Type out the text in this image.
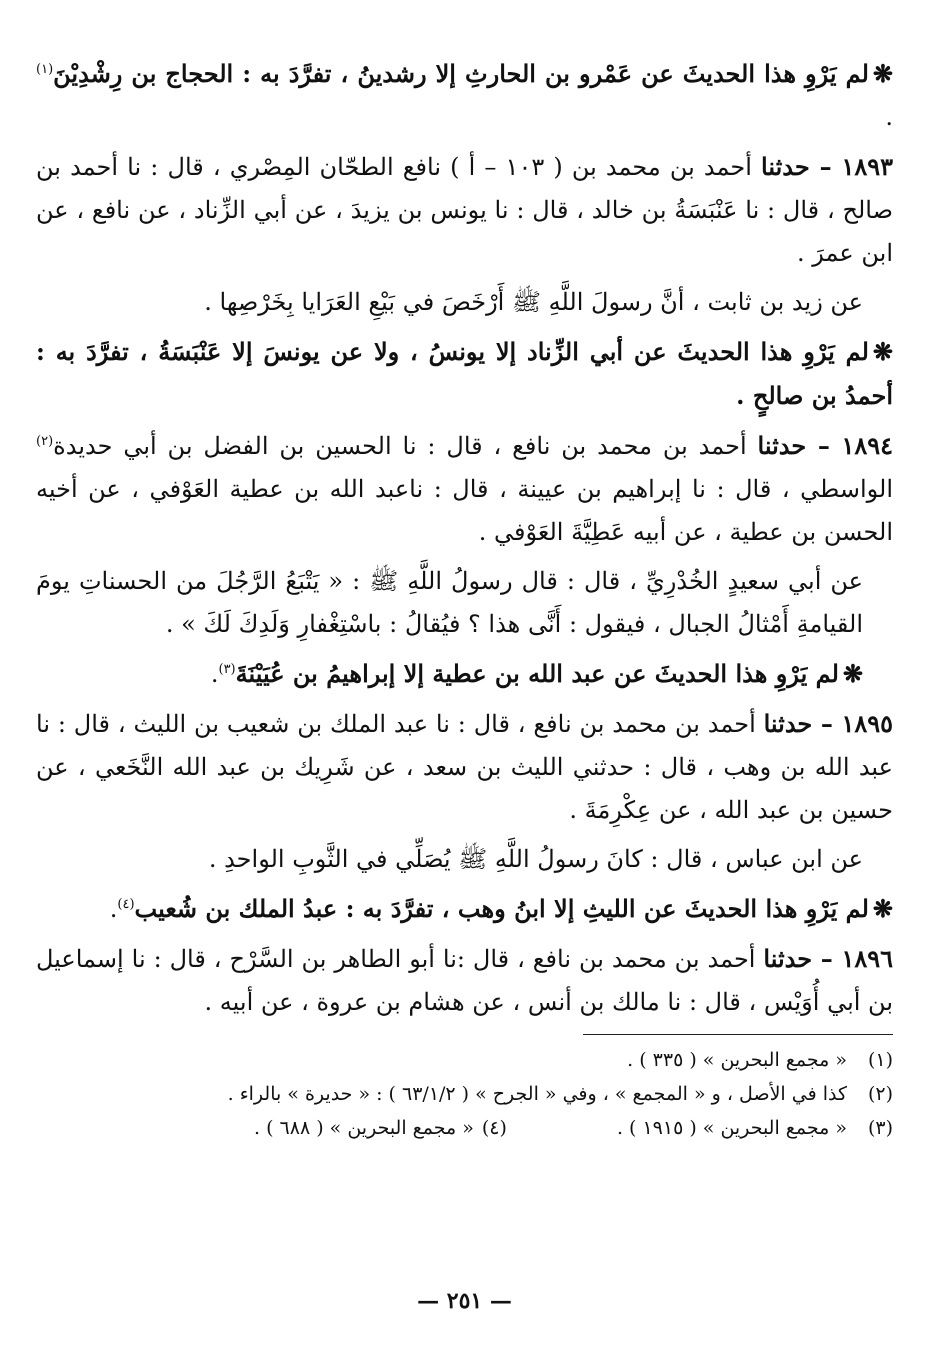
❋لم يَرْوِ هذا الحديثَ عن عَمْرو بن الحارثِ إلا رشدينُ ، تفرَّدَ به : الحجاج بن رِشْدِيْنَ$^{(١)}$ .

١٨٩٣ – حدثنا أحمد بن محمد بن ( ١٠٣ – أ ) نافع الطحّان المِصْري ، قال : نا أحمد بن صالح ، قال : نا عَنْبَسَةُ بن خالد ، قال : نا يونس بن يزيدَ ، عن أبي الزِّناد ، عن نافع ، عن ابن عمرَ .

عن زيد بن ثابت ، أنَّ رسولَ اللَّهِ ﷺ أَرْخَصَ في بَيْعِ العَرَايا بِخَرْصِها .

❋لم يَرْوِ هذا الحديثَ عن أبي الزِّناد إلا يونسُ ، ولا عن يونسَ إلا عَنْبَسَةُ ، تفرَّدَ به : أحمدُ بن صالحٍ .

١٨٩٤ – حدثنا أحمد بن محمد بن نافع ، قال : نا الحسين بن الفضل بن أبي حديدة$^{(٢)}$ الواسطي ، قال : نا إبراهيم بن عيينة ، قال : ناعبد الله بن عطية العَوْفي ، عن أخيه الحسن بن عطية ، عن أبيه عَطِيَّةَ العَوْفي .

عن أبي سعيدٍ الخُدْرِيِّ ، قال : قال رسولُ اللَّهِ ﷺ : « يَتْبَعُ الرَّجُلَ من الحسناتِ يومَ القيامةِ أَمْثالُ الجبال ، فيقول : أَنَّى هذا ؟ فيُقالُ : باسْتِغْفارِ وَلَدِكَ لَكَ » .

❋لم يَرْوِ هذا الحديثَ عن عبد الله بن عطية إلا إبراهيمُ بن عُيَيْنَةَ$^{(٣)}$.

١٨٩٥ – حدثنا أحمد بن محمد بن نافع ، قال : نا عبد الملك بن شعيب بن الليث ، قال : نا عبد الله بن وهب ، قال : حدثني الليث بن سعد ، عن شَرِيك بن عبد الله النَّخَعي ، عن حسين بن عبد الله ، عن عِكْرِمَةَ .

عن ابن عباس ، قال : كانَ رسولُ اللَّهِ ﷺ يُصَلِّي في الثَّوبِ الواحدِ .

❋لم يَرْوِ هذا الحديثَ عن الليثِ إلا ابنُ وهب ، تفرَّدَ به : عبدُ الملك بن شُعيب$^{(٤)}$.

١٨٩٦ – حدثنا أحمد بن محمد بن نافع ، قال :نا أبو الطاهر بن السَّرْح ، قال : نا إسماعيل بن أبي أُوَيْس ، قال : نا مالك بن أنس ، عن هشام بن عروة ، عن أبيه .

(١)
« مجمع البحرين » ( ٣٣٥ ) .
(٢)
كذا في الأصل ، و « المجمع » ، وفي « الجرح » ( ٦٣/١/٢ ) : « حديرة » بالراء .
(٣)
« مجمع البحرين » ( ١٩١٥ ) .
(٤)
« مجمع البحرين » ( ٦٨٨ ) .
— ٢٥١ —
